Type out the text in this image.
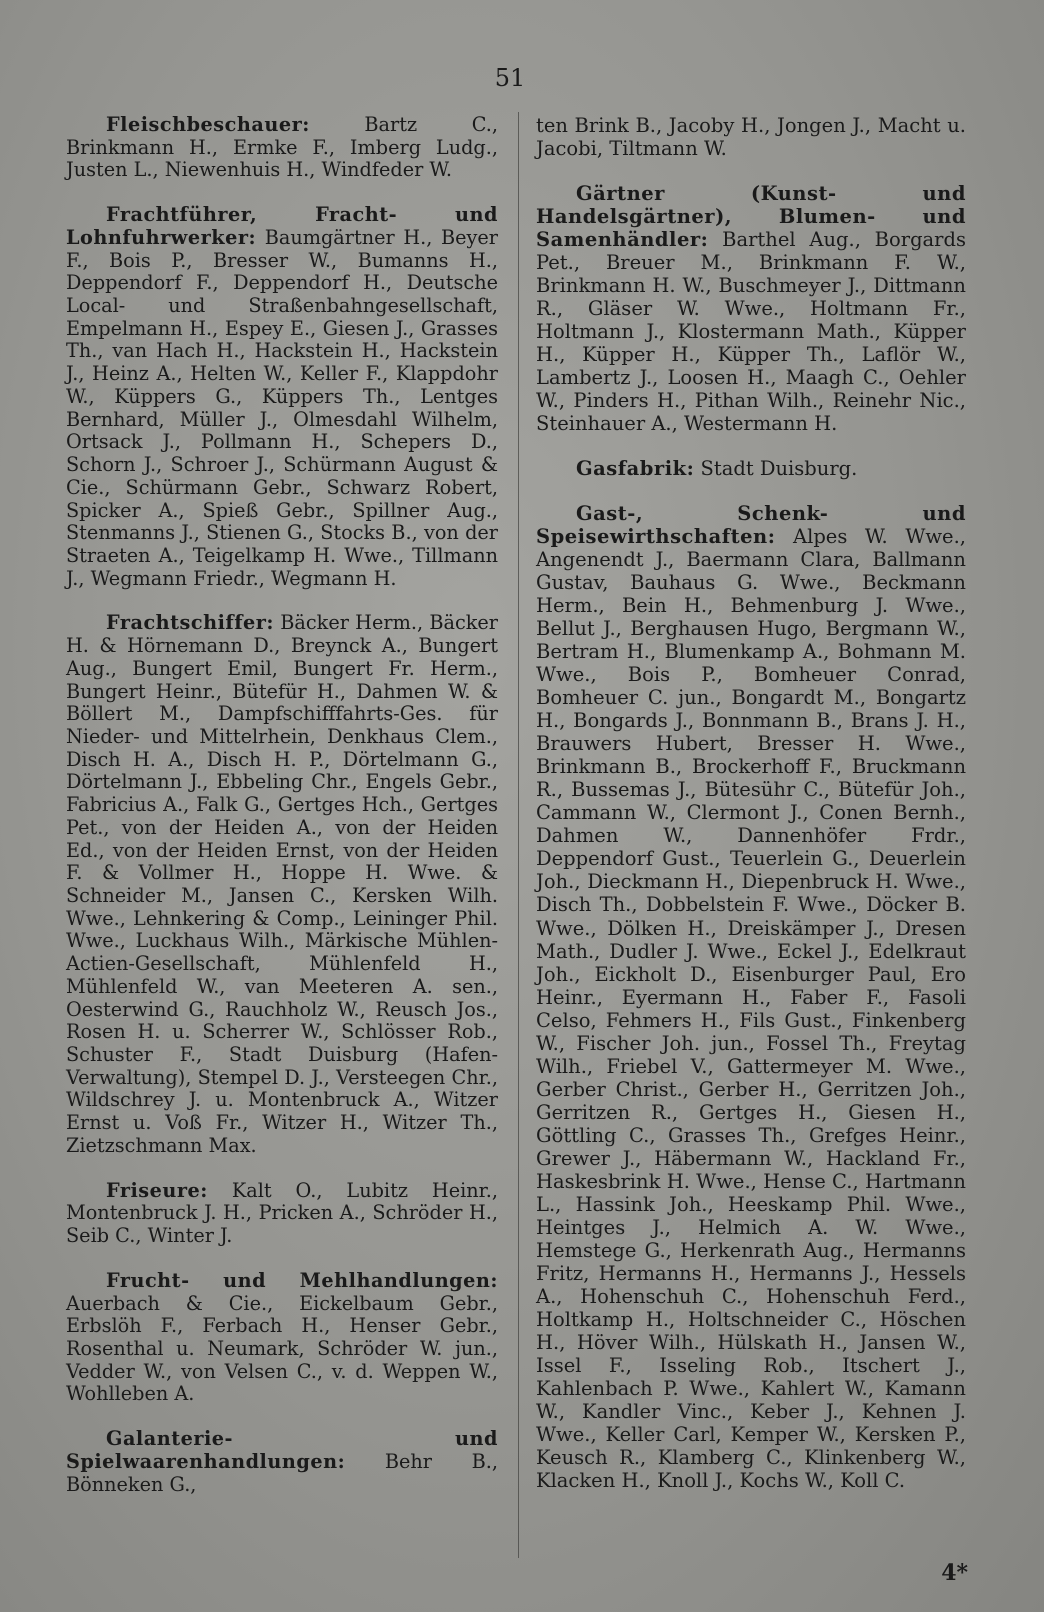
51

Fleischbeschauer: Bartz C., Brinkmann H., Ermke F., Imberg Ludg., Justen L., Niewenhuis H., Windfeder W.

Frachtführer, Fracht- und Lohnfuhrwerker: Baumgärtner H., Beyer F., Bois P., Bresser W., Bumanns H., Deppendorf F., Deppendorf H., Deutsche Local- und Straßenbahngesellschaft, Empelmann H., Espey E., Giesen J., Grasses Th., van Hach H., Hackstein H., Hackstein J., Heinz A., Helten W., Keller F., Klappdohr W., Küppers G., Küppers Th., Lentges Bernhard, Müller J., Olmesdahl Wilhelm, Ortsack J., Pollmann H., Schepers D., Schorn J., Schroer J., Schürmann August & Cie., Schürmann Gebr., Schwarz Robert, Spicker A., Spieß Gebr., Spillner Aug., Stenmanns J., Stienen G., Stocks B., von der Straeten A., Teigelkamp H. Wwe., Tillmann J., Wegmann Friedr., Wegmann H.

Frachtschiffer: Bäcker Herm., Bäcker H. & Hörnemann D., Breynck A., Bungert Aug., Bungert Emil, Bungert Fr. Herm., Bungert Heinr., Bütefür H., Dahmen W. & Böllert M., Dampfschifffahrts-Ges. für Nieder- und Mittelrhein, Denkhaus Clem., Disch H. A., Disch H. P., Dörtelmann G., Dörtelmann J., Ebbeling Chr., Engels Gebr., Fabricius A., Falk G., Gertges Hch., Gertges Pet., von der Heiden A., von der Heiden Ed., von der Heiden Ernst, von der Heiden F. & Vollmer H., Hoppe H. Wwe. & Schneider M., Jansen C., Kersken Wilh. Wwe., Lehnkering & Comp., Leininger Phil. Wwe., Luckhaus Wilh., Märkische Mühlen-Actien-Gesellschaft, Mühlenfeld H., Mühlenfeld W., van Meeteren A. sen., Oesterwind G., Rauchholz W., Reusch Jos., Rosen H. u. Scherrer W., Schlösser Rob., Schuster F., Stadt Duisburg (Hafen-Verwaltung), Stempel D. J., Versteegen Chr., Wildschrey J. u. Montenbruck A., Witzer Ernst u. Voß Fr., Witzer H., Witzer Th., Zietzschmann Max.

Friseure: Kalt O., Lubitz Heinr., Montenbruck J. H., Pricken A., Schröder H., Seib C., Winter J.

Frucht- und Mehlhandlungen: Auerbach & Cie., Eickelbaum Gebr., Erbslöh F., Ferbach H., Henser Gebr., Rosenthal u. Neumark, Schröder W. jun., Vedder W., von Velsen C., v. d. Weppen W., Wohlleben A.

Galanterie- und Spielwaarenhandlungen: Behr B., Bönneken G.,

ten Brink B., Jacoby H., Jongen J., Macht u. Jacobi, Tiltmann W.

Gärtner (Kunst- und Handelsgärtner), Blumen- und Samenhändler: Barthel Aug., Borgards Pet., Breuer M., Brinkmann F. W., Brinkmann H. W., Buschmeyer J., Dittmann R., Gläser W. Wwe., Holtmann Fr., Holtmann J., Klostermann Math., Küpper H., Küpper H., Küpper Th., Laflör W., Lambertz J., Loosen H., Maagh C., Oehler W., Pinders H., Pithan Wilh., Reinehr Nic., Steinhauer A., Westermann H.

Gasfabrik: Stadt Duisburg.

Gast-, Schenk- und Speisewirthschaften: Alpes W. Wwe., Angenendt J., Baermann Clara, Ballmann Gustav, Bauhaus G. Wwe., Beckmann Herm., Bein H., Behmenburg J. Wwe., Bellut J., Berghausen Hugo, Bergmann W., Bertram H., Blumenkamp A., Bohmann M. Wwe., Bois P., Bomheuer Conrad, Bomheuer C. jun., Bongardt M., Bongartz H., Bongards J., Bonnmann B., Brans J. H., Brauwers Hubert, Bresser H. Wwe., Brinkmann B., Brockerhoff F., Bruckmann R., Bussemas J., Bütesühr C., Bütefür Joh., Cammann W., Clermont J., Conen Bernh., Dahmen W., Dannenhöfer Frdr., Deppendorf Gust., Teuerlein G., Deuerlein Joh., Dieckmann H., Diepenbruck H. Wwe., Disch Th., Dobbelstein F. Wwe., Döcker B. Wwe., Dölken H., Dreiskämper J., Dresen Math., Dudler J. Wwe., Eckel J., Edelkraut Joh., Eickholt D., Eisenburger Paul, Ero Heinr., Eyermann H., Faber F., Fasoli Celso, Fehmers H., Fils Gust., Finkenberg W., Fischer Joh. jun., Fossel Th., Freytag Wilh., Friebel V., Gattermeyer M. Wwe., Gerber Christ., Gerber H., Gerritzen Joh., Gerritzen R., Gertges H., Giesen H., Göttling C., Grasses Th., Grefges Heinr., Grewer J., Häbermann W., Hackland Fr., Haskesbrink H. Wwe., Hense C., Hartmann L., Hassink Joh., Heeskamp Phil. Wwe., Heintges J., Helmich A. W. Wwe., Hemstege G., Herkenrath Aug., Hermanns Fritz, Hermanns H., Hermanns J., Hessels A., Hohenschuh C., Hohenschuh Ferd., Holtkamp H., Holtschneider C., Höschen H., Höver Wilh., Hülskath H., Jansen W., Issel F., Isseling Rob., Itschert J., Kahlenbach P. Wwe., Kahlert W., Kamann W., Kandler Vinc., Keber J., Kehnen J. Wwe., Keller Carl, Kemper W., Kersken P., Keusch R., Klamberg C., Klinkenberg W., Klacken H., Knoll J., Kochs W., Koll C.

4*
